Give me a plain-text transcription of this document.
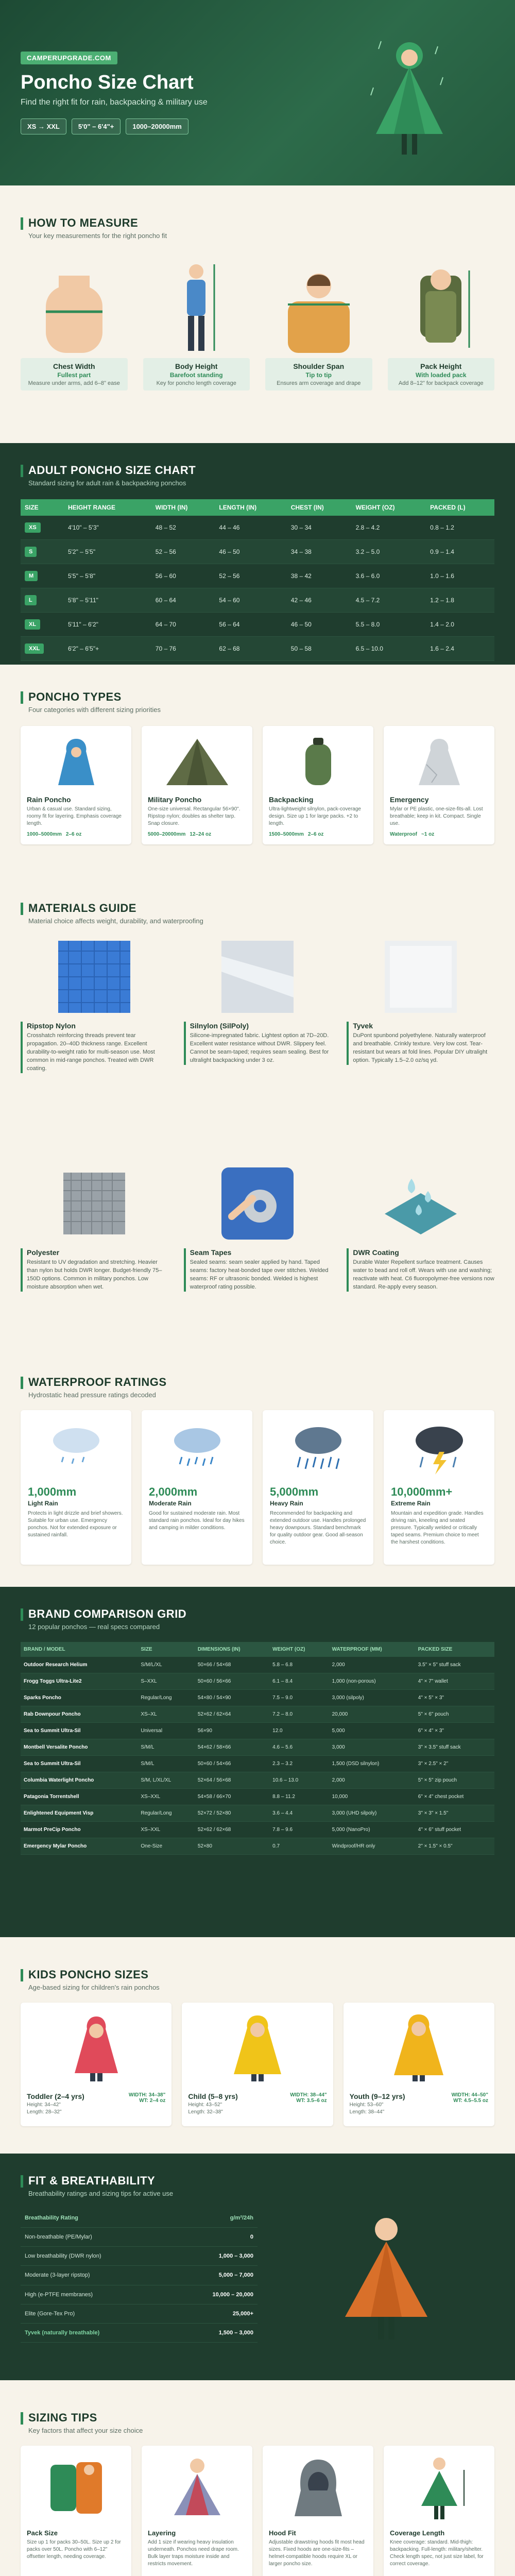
CAMPERUPGRADE.COM
Poncho Size Chart
Find the right fit for rain, backpacking & military use
XS → XXL	5'0" – 6'4"+	1000–20000mm
HOW TO MEASURE
Your key measurements for the right poncho fit
Chest Width
Fullest part
Measure under arms, add 6–8" ease
Body Height
Barefoot standing
Key for poncho length coverage
Shoulder Span
Tip to tip
Ensures arm coverage and drape
Pack Height
With loaded pack
Add 8–12" for backpack coverage
ADULT PONCHO SIZE CHART
Standard sizing for adult rain & backpacking ponchos
SIZE	HEIGHT RANGE	WIDTH (IN)	LENGTH (IN)	CHEST (IN)	WEIGHT (OZ)	PACKED (L)
XS	4'10" – 5'3"	48 – 52	44 – 46	30 – 34	2.8 – 4.2	0.8 – 1.2
S	5'2" – 5'5"	52 – 56	46 – 50	34 – 38	3.2 – 5.0	0.9 – 1.4
M	5'5" – 5'8"	56 – 60	52 – 56	38 – 42	3.6 – 6.0	1.0 – 1.6
L	5'8" – 5'11"	60 – 64	54 – 60	42 – 46	4.5 – 7.2	1.2 – 1.8
XL	5'11" – 6'2"	64 – 70	56 – 64	46 – 50	5.5 – 8.0	1.4 – 2.0
XXL	6'2" – 6'5"+	70 – 76	62 – 68	50 – 58	6.5 – 10.0	1.6 – 2.4
PONCHO TYPES
Four categories with different sizing priorities
Rain Poncho
Urban & casual use. Standard sizing, roomy fit for layering. Emphasis coverage length.
1000–5000mm 2–6 oz
Military Poncho
One-size universal. Rectangular 56×90". Ripstop nylon; doubles as shelter tarp. Snap closure.
5000–20000mm 12–24 oz
Backpacking
Ultra-lightweight silnylon, pack-coverage design. Size up 1 for large packs. +2 to length.
1500–5000mm 2–6 oz
Emergency
Mylar or PE plastic, one-size-fits-all. Lost breathable; keep in kit. Compact. Single use.
Waterproof ~1 oz
MATERIALS GUIDE
Material choice affects weight, durability, and waterproofing
Ripstop Nylon
Crosshatch reinforcing threads prevent tear propagation. 20–40D thickness range. Excellent durability-to-weight ratio for multi-season use. Most common in mid-range ponchos. Treated with DWR coating.
Silnylon (SilPoly)
Silicone-impregnated fabric. Lightest option at 7D–20D. Excellent water resistance without DWR. Slippery feel. Cannot be seam-taped; requires seam sealing. Best for ultralight backpacking under 3 oz.
Tyvek
DuPont spunbond polyethylene. Naturally waterproof and breathable. Crinkly texture. Very low cost. Tear-resistant but wears at fold lines. Popular DIY ultralight option. Typically 1.5–2.0 oz/sq yd.
Polyester
Resistant to UV degradation and stretching. Heavier than nylon but holds DWR longer. Budget-friendly 75–150D options. Common in military ponchos. Low moisture absorption when wet.
Seam Tapes
Sealed seams: seam sealer applied by hand. Taped seams: factory heat-bonded tape over stitches. Welded seams: RF or ultrasonic bonded. Welded is highest waterproof rating possible.
DWR Coating
Durable Water Repellent surface treatment. Causes water to bead and roll off. Wears with use and washing; reactivate with heat. C6 fluoropolymer-free versions now standard. Re-apply every season.
WATERPROOF RATINGS
Hydrostatic head pressure ratings decoded
1,000mm
Light Rain
Protects in light drizzle and brief showers. Suitable for urban use. Emergency ponchos. Not for extended exposure or sustained rainfall.
2,000mm
Moderate Rain
Good for sustained moderate rain. Most standard rain ponchos. Ideal for day hikes and camping in milder conditions.
5,000mm
Heavy Rain
Recommended for backpacking and extended outdoor use. Handles prolonged heavy downpours. Standard benchmark for quality outdoor gear. Good all-season choice.
10,000mm+
Extreme Rain
Mountain and expedition grade. Handles driving rain, kneeling and seated pressure. Typically welded or critically taped seams. Premium choice to meet the harshest conditions.
BRAND COMPARISON GRID
12 popular ponchos — real specs compared
BRAND / MODEL	SIZE	DIMENSIONS (IN)	WEIGHT (OZ)	WATERPROOF (MM)	PACKED SIZE
Outdoor Research Helium	S/M/L/XL	50×66 / 54×68	5.8 – 6.8	2,000	3.5" × 5" stuff sack
Frogg Toggs Ultra-Lite2	S–XXL	50×60 / 56×66	6.1 – 8.4	1,000 (non-porous)	4" × 7" wallet
Sparks Poncho	Regular/Long	54×80 / 54×90	7.5 – 9.0	3,000 (silpoly)	4" × 5" × 3"
Rab Downpour Poncho	XS–XL	52×62 / 62×64	7.2 – 8.0	20,000	5" × 6" pouch
Sea to Summit Ultra-Sil	Universal	56×90	12.0	5,000	6" × 4" × 3"
Montbell Versalite Poncho	S/M/L	54×62 / 58×66	4.6 – 5.6	3,000	3" × 3.5" stuff sack
Sea to Summit Ultra-Sil	S/M/L	50×60 / 54×66	2.3 – 3.2	1,500 (DSD silnylon)	3" × 2.5" × 2"
Columbia Waterlight Poncho	S/M, L/XL/XL	52×64 / 56×68	10.6 – 13.0	2,000	5" × 5" zip pouch
Patagonia Torrentshell	XS–XXL	54×58 / 66×70	8.8 – 11.2	10,000	6" × 4" chest pocket
Enlightened Equipment Visp	Regular/Long	52×72 / 52×80	3.6 – 4.4	3,000 (UHD silpoly)	3" × 3" × 1.5"
Marmot PreCip Poncho	XS–XXL	52×62 / 62×68	7.8 – 9.6	5,000 (NanoPro)	4" × 6" stuff pocket
Emergency Mylar Poncho	One-Size	52×80	0.7	Windproof/HR only	2" × 1.5" × 0.5"
KIDS PONCHO SIZES
Age-based sizing for children's rain ponchos
Toddler (2–4 yrs)
Height: 34–42"
Length: 28–32"
WIDTH: 34–38"
WT: 2–4 oz
Child (5–8 yrs)
Height: 43–52"
Length: 32–38"
WIDTH: 38–44"
WT: 3.5–6 oz
Youth (9–12 yrs)
Height: 53–60"
Length: 38–44"
WIDTH: 44–50"
WT: 4.5–5.5 oz
FIT & BREATHABILITY
Breathability ratings and sizing tips for active use
Breathability Rating	g/m²/24h
Non-breathable (PE/Mylar)	0
Low breathability (DWR nylon)	1,000 – 3,000
Moderate (3-layer ripstop)	5,000 – 7,000
High (e-PTFE membranes)	10,000 – 20,000
Elite (Gore-Tex Pro)	25,000+
Tyvek (naturally breathable)	1,500 – 3,000
SIZING TIPS
Key factors that affect your size choice
Pack Size
Size up 1 for packs 30–50L. Size up 2 for packs over 50L. Poncho with 6–12" offsetter length, needing coverage.
Layering
Add 1 size if wearing heavy insulation underneath. Ponchos need drape room. Bulk layer traps moisture inside and restricts movement.
Hood Fit
Adjustable drawstring hoods fit most head sizes. Fixed hoods are one-size-fits – helmet-compatible hoods require XL or larger poncho size.
Coverage Length
Knee coverage: standard. Mid-thigh: backpacking. Full-length: military/shelter. Check length spec, not just size label, for correct coverage.
